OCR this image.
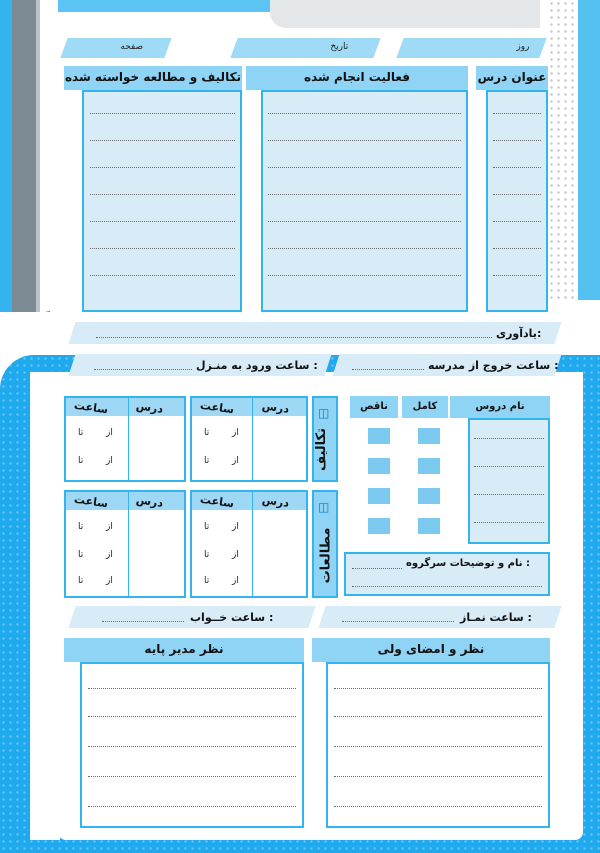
روز
تاریخ
صفحه
عنوان درس
فعالیت انجام شده
تکالیف و مطالعه خواسته شده
یادآوری:
ساعت خروج از مدرسه :
ساعت ورود به منـزل :
◫
تکالیف
درس
ساعت
از
تا
از
تا
درس
ساعت
از
تا
از
تا
◫
مطالعات
درس
ساعت
از
تا
از
تا
از
تا
درس
ساعت
از
تا
از
تا
از
تا
نام دروس
کامل
ناقص
نام و توضیحات سرگروه :
ساعت نمـاز :
ساعت خــواب :
نظر و امضای ولی
نظر مدیر پایه
